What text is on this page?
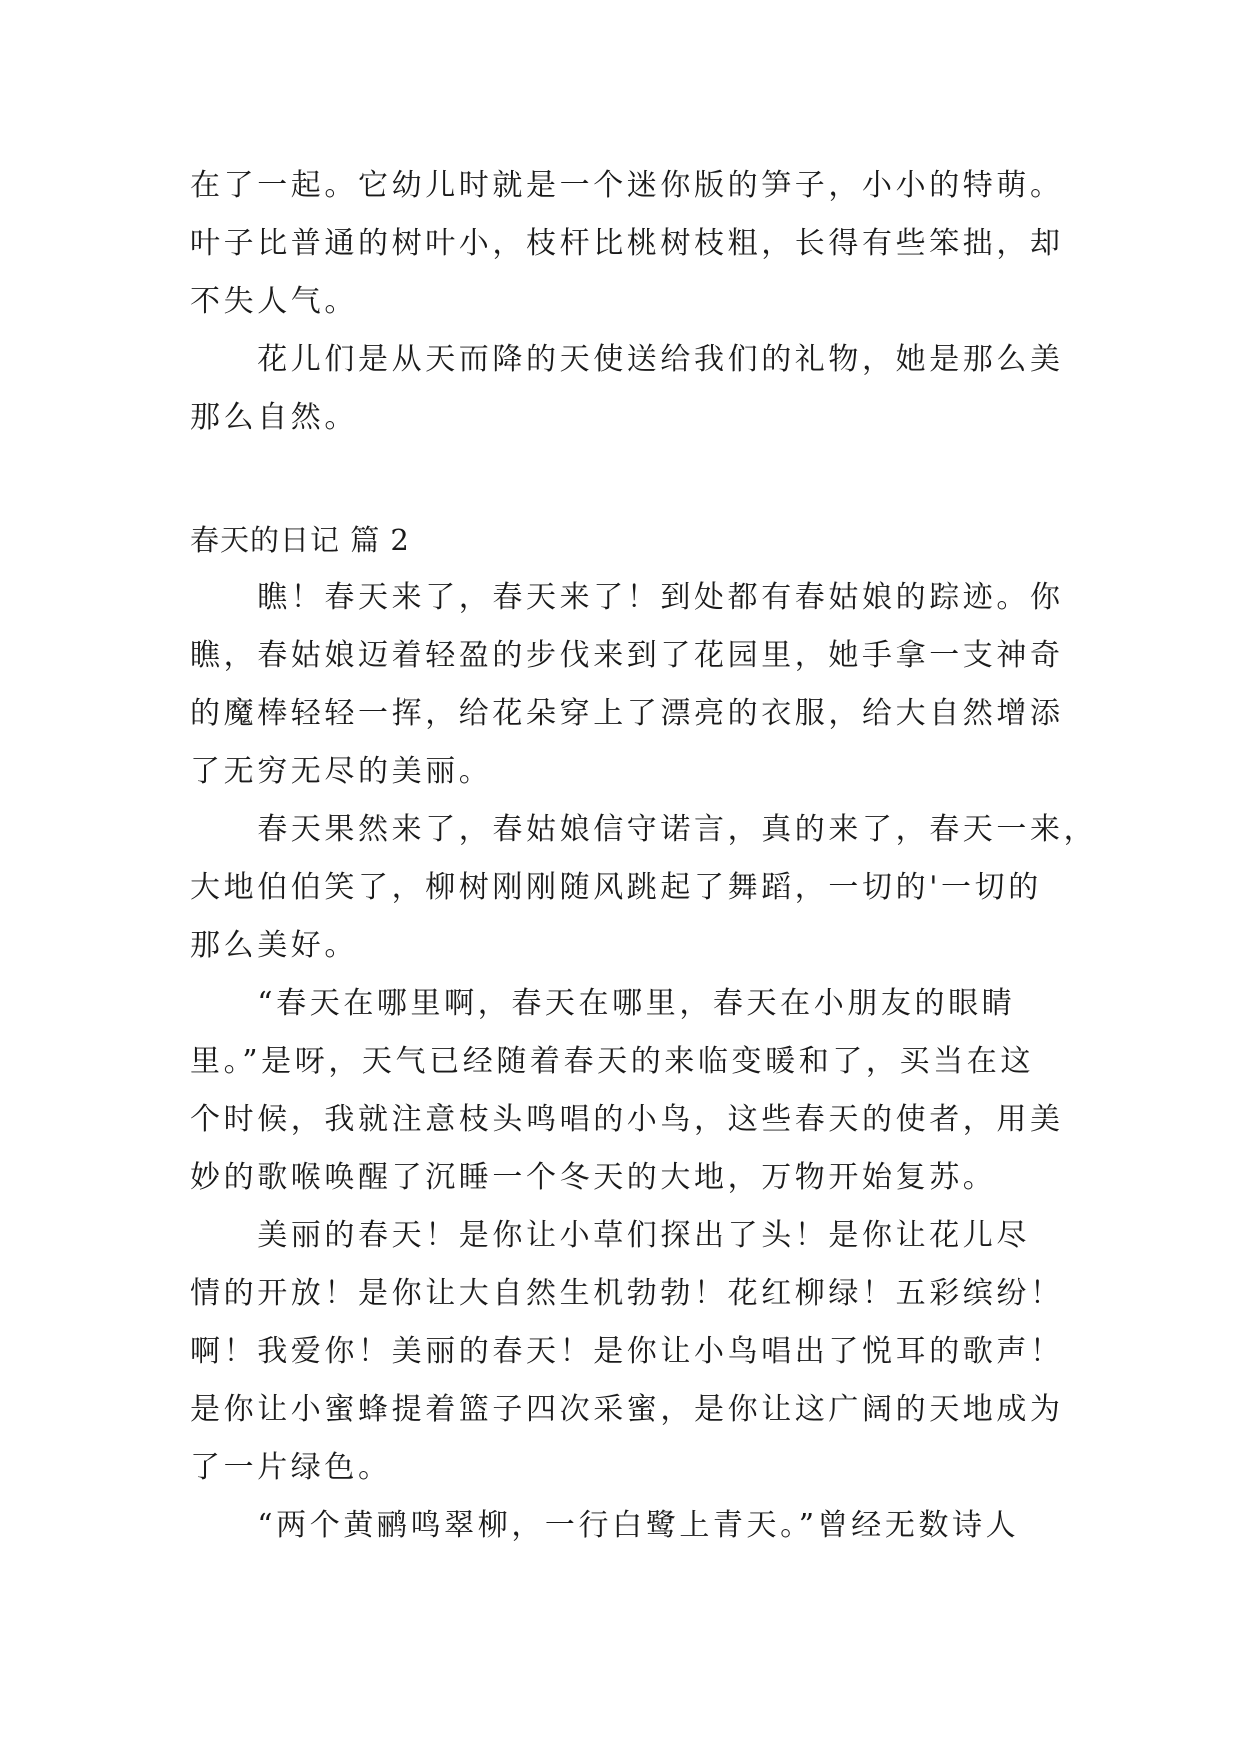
在了一起。它幼儿时就是一个迷你版的笋子，小小的特萌。
叶子比普通的树叶小，枝杆比桃树枝粗，长得有些笨拙，却
不失人气。
　　花儿们是从天而降的天使送给我们的礼物，她是那么美
那么自然。
春天的日记 篇 2
　　瞧！春天来了，春天来了！到处都有春姑娘的踪迹。你
瞧，春姑娘迈着轻盈的步伐来到了花园里，她手拿一支神奇
的魔棒轻轻一挥，给花朵穿上了漂亮的衣服，给大自然增添
了无穷无尽的美丽。
　　春天果然来了，春姑娘信守诺言，真的来了，春天一来，
大地伯伯笑了，柳树刚刚随风跳起了舞蹈，一切的'一切的
那么美好。
　　“春天在哪里啊，春天在哪里，春天在小朋友的眼睛
里。”是呀，天气已经随着春天的来临变暖和了，买当在这
个时候，我就注意枝头鸣唱的小鸟，这些春天的使者，用美
妙的歌喉唤醒了沉睡一个冬天的大地，万物开始复苏。
　　美丽的春天！是你让小草们探出了头！是你让花儿尽
情的开放！是你让大自然生机勃勃！花红柳绿！五彩缤纷！
啊！我爱你！美丽的春天！是你让小鸟唱出了悦耳的歌声！
是你让小蜜蜂提着篮子四次采蜜，是你让这广阔的天地成为
了一片绿色。
　　“两个黄鹂鸣翠柳，一行白鹭上青天。”曾经无数诗人
